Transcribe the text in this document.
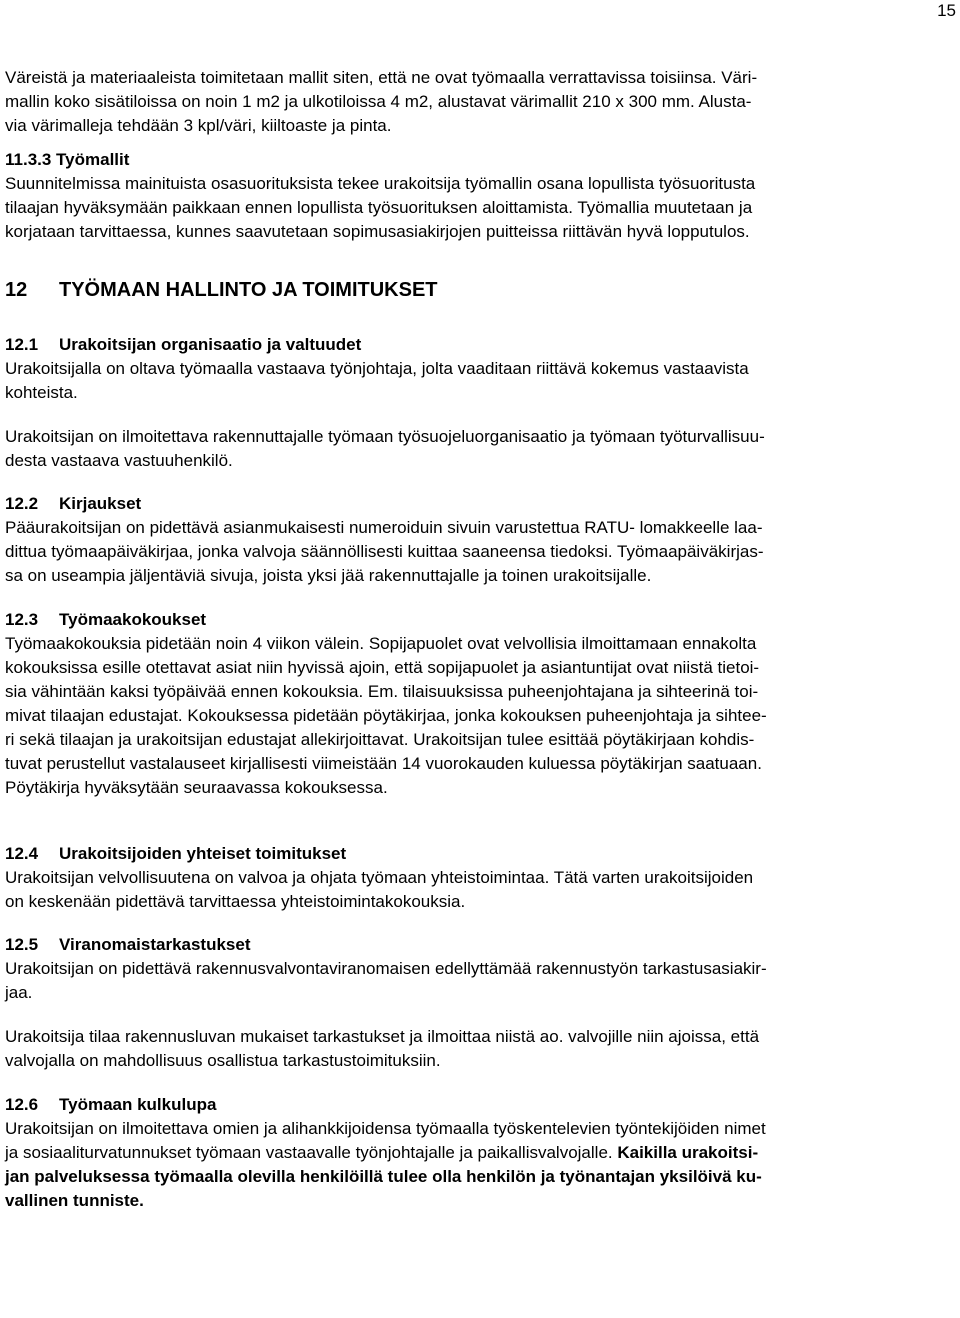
15
Väreistä ja materiaaleista toimitetaan mallit siten, että ne ovat työmaalla verrattavissa toisiinsa. Väri-
mallin koko sisätiloissa on noin 1 m2 ja ulkotiloissa 4 m2, alustavat värimallit 210 x 300 mm. Alusta-
via värimalleja tehdään 3 kpl/väri, kiiltoaste ja pinta.
11.3.3 Työmallit
Suunnitelmissa mainituista osasuorituksista tekee urakoitsija työmallin osana lopullista työsuoritusta
tilaajan hyväksymään paikkaan ennen lopullista työsuorituksen aloittamista. Työmallia muutetaan ja
korjataan tarvittaessa, kunnes saavutetaan sopimusasiakirjojen puitteissa riittävän hyvä lopputulos.
12 TYÖMAAN HALLINTO JA TOIMITUKSET
12.1 Urakoitsijan organisaatio ja valtuudet
Urakoitsijalla on oltava työmaalla vastaava työnjohtaja, jolta vaaditaan riittävä kokemus vastaavista
kohteista.
Urakoitsijan on ilmoitettava rakennuttajalle työmaan työsuojeluorganisaatio ja työmaan työturvallisuu-
desta vastaava vastuuhenkilö.
12.2 Kirjaukset
Pääurakoitsijan on pidettävä asianmukaisesti numeroiduin sivuin varustettua RATU- lomakkeelle laa-
dittua työmaapäiväkirjaa, jonka valvoja säännöllisesti kuittaa saaneensa tiedoksi. Työmaapäiväkirjas-
sa on useampia jäljentäviä sivuja, joista yksi jää rakennuttajalle ja toinen urakoitsijalle.
12.3 Työmaakokoukset
Työmaakokouksia pidetään noin 4 viikon välein. Sopijapuolet ovat velvollisia ilmoittamaan ennakolta
kokouksissa esille otettavat asiat niin hyvissä ajoin, että sopijapuolet ja asiantuntijat ovat niistä tietoi-
sia vähintään kaksi työpäivää ennen kokouksia. Em. tilaisuuksissa puheenjohtajana ja sihteerinä toi-
mivat tilaajan edustajat. Kokouksessa pidetään pöytäkirjaa, jonka kokouksen puheenjohtaja ja sihtee-
ri sekä tilaajan ja urakoitsijan edustajat allekirjoittavat. Urakoitsijan tulee esittää pöytäkirjaan kohdis-
tuvat perustellut vastalauseet kirjallisesti viimeistään 14 vuorokauden kuluessa pöytäkirjan saatuaan.
Pöytäkirja hyväksytään seuraavassa kokouksessa.
12.4 Urakoitsijoiden yhteiset toimitukset
Urakoitsijan velvollisuutena on valvoa ja ohjata työmaan yhteistoimintaa. Tätä varten urakoitsijoiden
on keskenään pidettävä tarvittaessa yhteistoimintakokouksia.
12.5 Viranomaistarkastukset
Urakoitsijan on pidettävä rakennusvalvontaviranomaisen edellyttämää rakennustyön tarkastusasiakir-
jaa.
Urakoitsija tilaa rakennusluvan mukaiset tarkastukset ja ilmoittaa niistä ao. valvojille niin ajoissa, että
valvojalla on mahdollisuus osallistua tarkastustoimituksiin.
12.6 Työmaan kulkulupa
Urakoitsijan on ilmoitettava omien ja alihankkijoidensa työmaalla työskentelevien työntekijöiden nimet
ja sosiaaliturvatunnukset työmaan vastaavalle työnjohtajalle ja paikallisvalvojalle. Kaikilla urakoitsi-
jan palveluksessa työmaalla olevilla henkilöillä tulee olla henkilön ja työnantajan yksilöivä ku-
vallinen tunniste.
